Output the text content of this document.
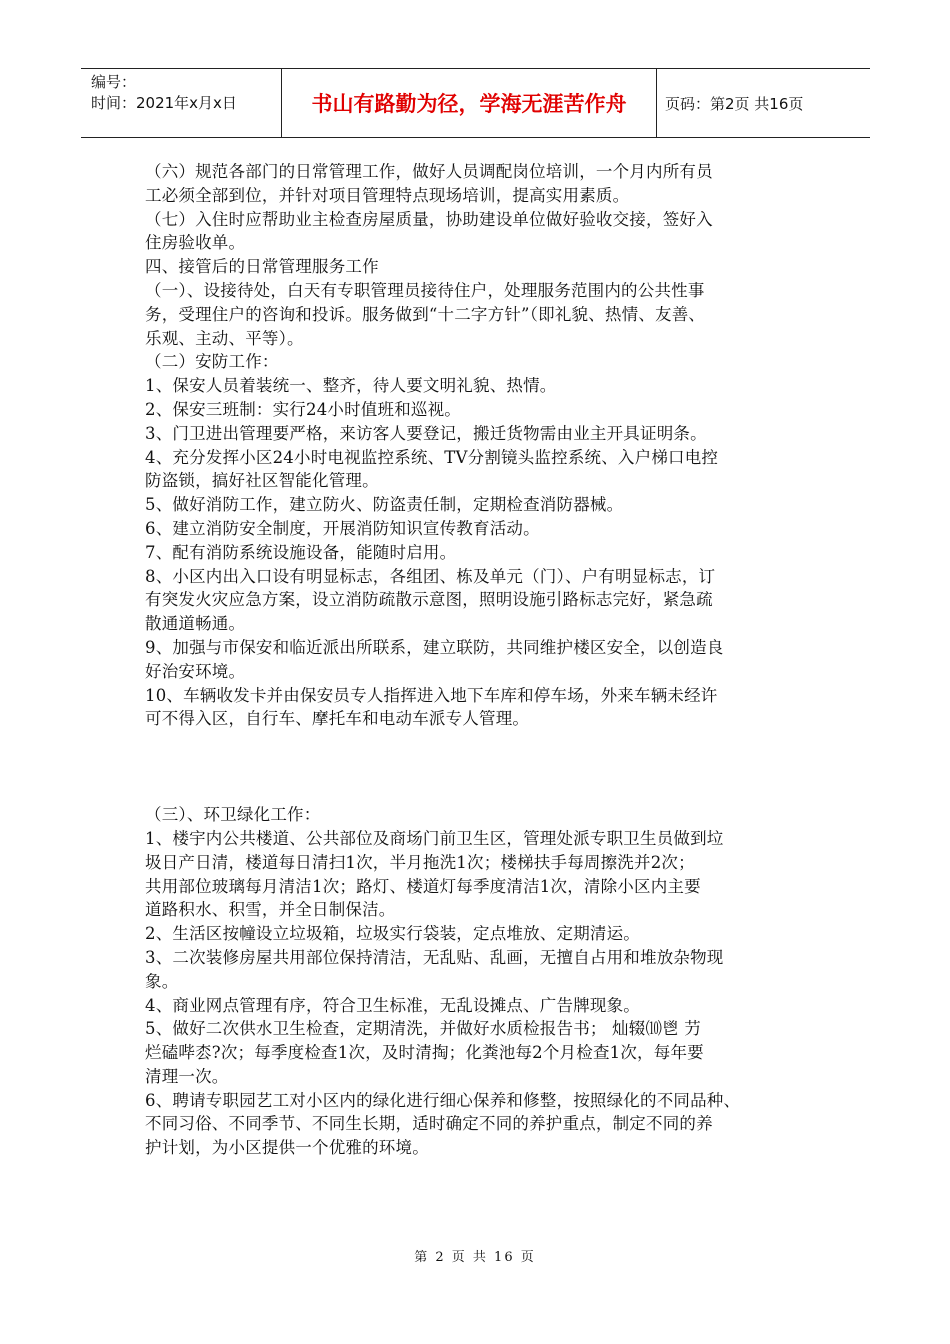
编号：
时间：2021年x月x日	书山有路勤为径，学海无涯苦作舟	页码：第2页 共16页
（六）规范各部门的日常管理工作，做好人员调配岗位培训，一个月内所有员
工必须全部到位，并针对项目管理特点现场培训，提高实用素质。
（七）入住时应帮助业主检查房屋质量，协助建设单位做好验收交接，签好入
住房验收单。
四、接管后的日常管理服务工作
（一）、设接待处，白天有专职管理员接待住户，处理服务范围内的公共性事
务，受理住户的咨询和投诉。服务做到“十二字方针”（即礼貌、热情、友善、
乐观、主动、平等）。
（二）安防工作：
1、保安人员着装统一、整齐，待人要文明礼貌、热情。
2、保安三班制：实行24小时值班和巡视。
3、门卫进出管理要严格，来访客人要登记，搬迁货物需由业主开具证明条。
4、充分发挥小区24小时电视监控系统、TV分割镜头监控系统、入户梯口电控
防盗锁，搞好社区智能化管理。
5、做好消防工作，建立防火、防盗责任制，定期检查消防器械。
6、建立消防安全制度，开展消防知识宣传教育活动。
7、配有消防系统设施设备，能随时启用。
8、小区内出入口设有明显标志，各组团、栋及单元（门）、户有明显标志，订
有突发火灾应急方案，设立消防疏散示意图，照明设施引路标志完好，紧急疏
散通道畅通。
9、加强与市保安和临近派出所联系，建立联防，共同维护楼区安全，以创造良
好治安环境。
10、车辆收发卡并由保安员专人指挥进入地下车库和停车场，外来车辆未经许
可不得入区，自行车、摩托车和电动车派专人管理。
（三）、环卫绿化工作：
1、楼宇内公共楼道、公共部位及商场门前卫生区，管理处派专职卫生员做到垃
圾日产日清，楼道每日清扫1次，半月拖洗1次；楼梯扶手每周擦洗并2次；
共用部位玻璃每月清洁1次；路灯、楼道灯每季度清洁1次，清除小区内主要
道路积水、积雪，并全日制保洁。
2、生活区按幢设立垃圾箱，垃圾实行袋装，定点堆放、定期清运。
3、二次装修房屋共用部位保持清洁，无乱贴、乱画，无擅自占用和堆放杂物现
象。
4、商业网点管理有序，符合卫生标准，无乱设摊点、广告牌现象。
5、做好二次供水卫生检查，定期清洗，并做好水质检报告书； 灿辍⑽鬯 芀
烂磕哔枩?次；每季度检查1次，及时清掏；化粪池每2个月检查1次，每年要
清理一次。
6、聘请专职园艺工对小区内的绿化进行细心保养和修整，按照绿化的不同品种、
不同习俗、不同季节、不同生长期，适时确定不同的养护重点，制定不同的养
护计划，为小区提供一个优雅的环境。
第 2 页 共 16 页
